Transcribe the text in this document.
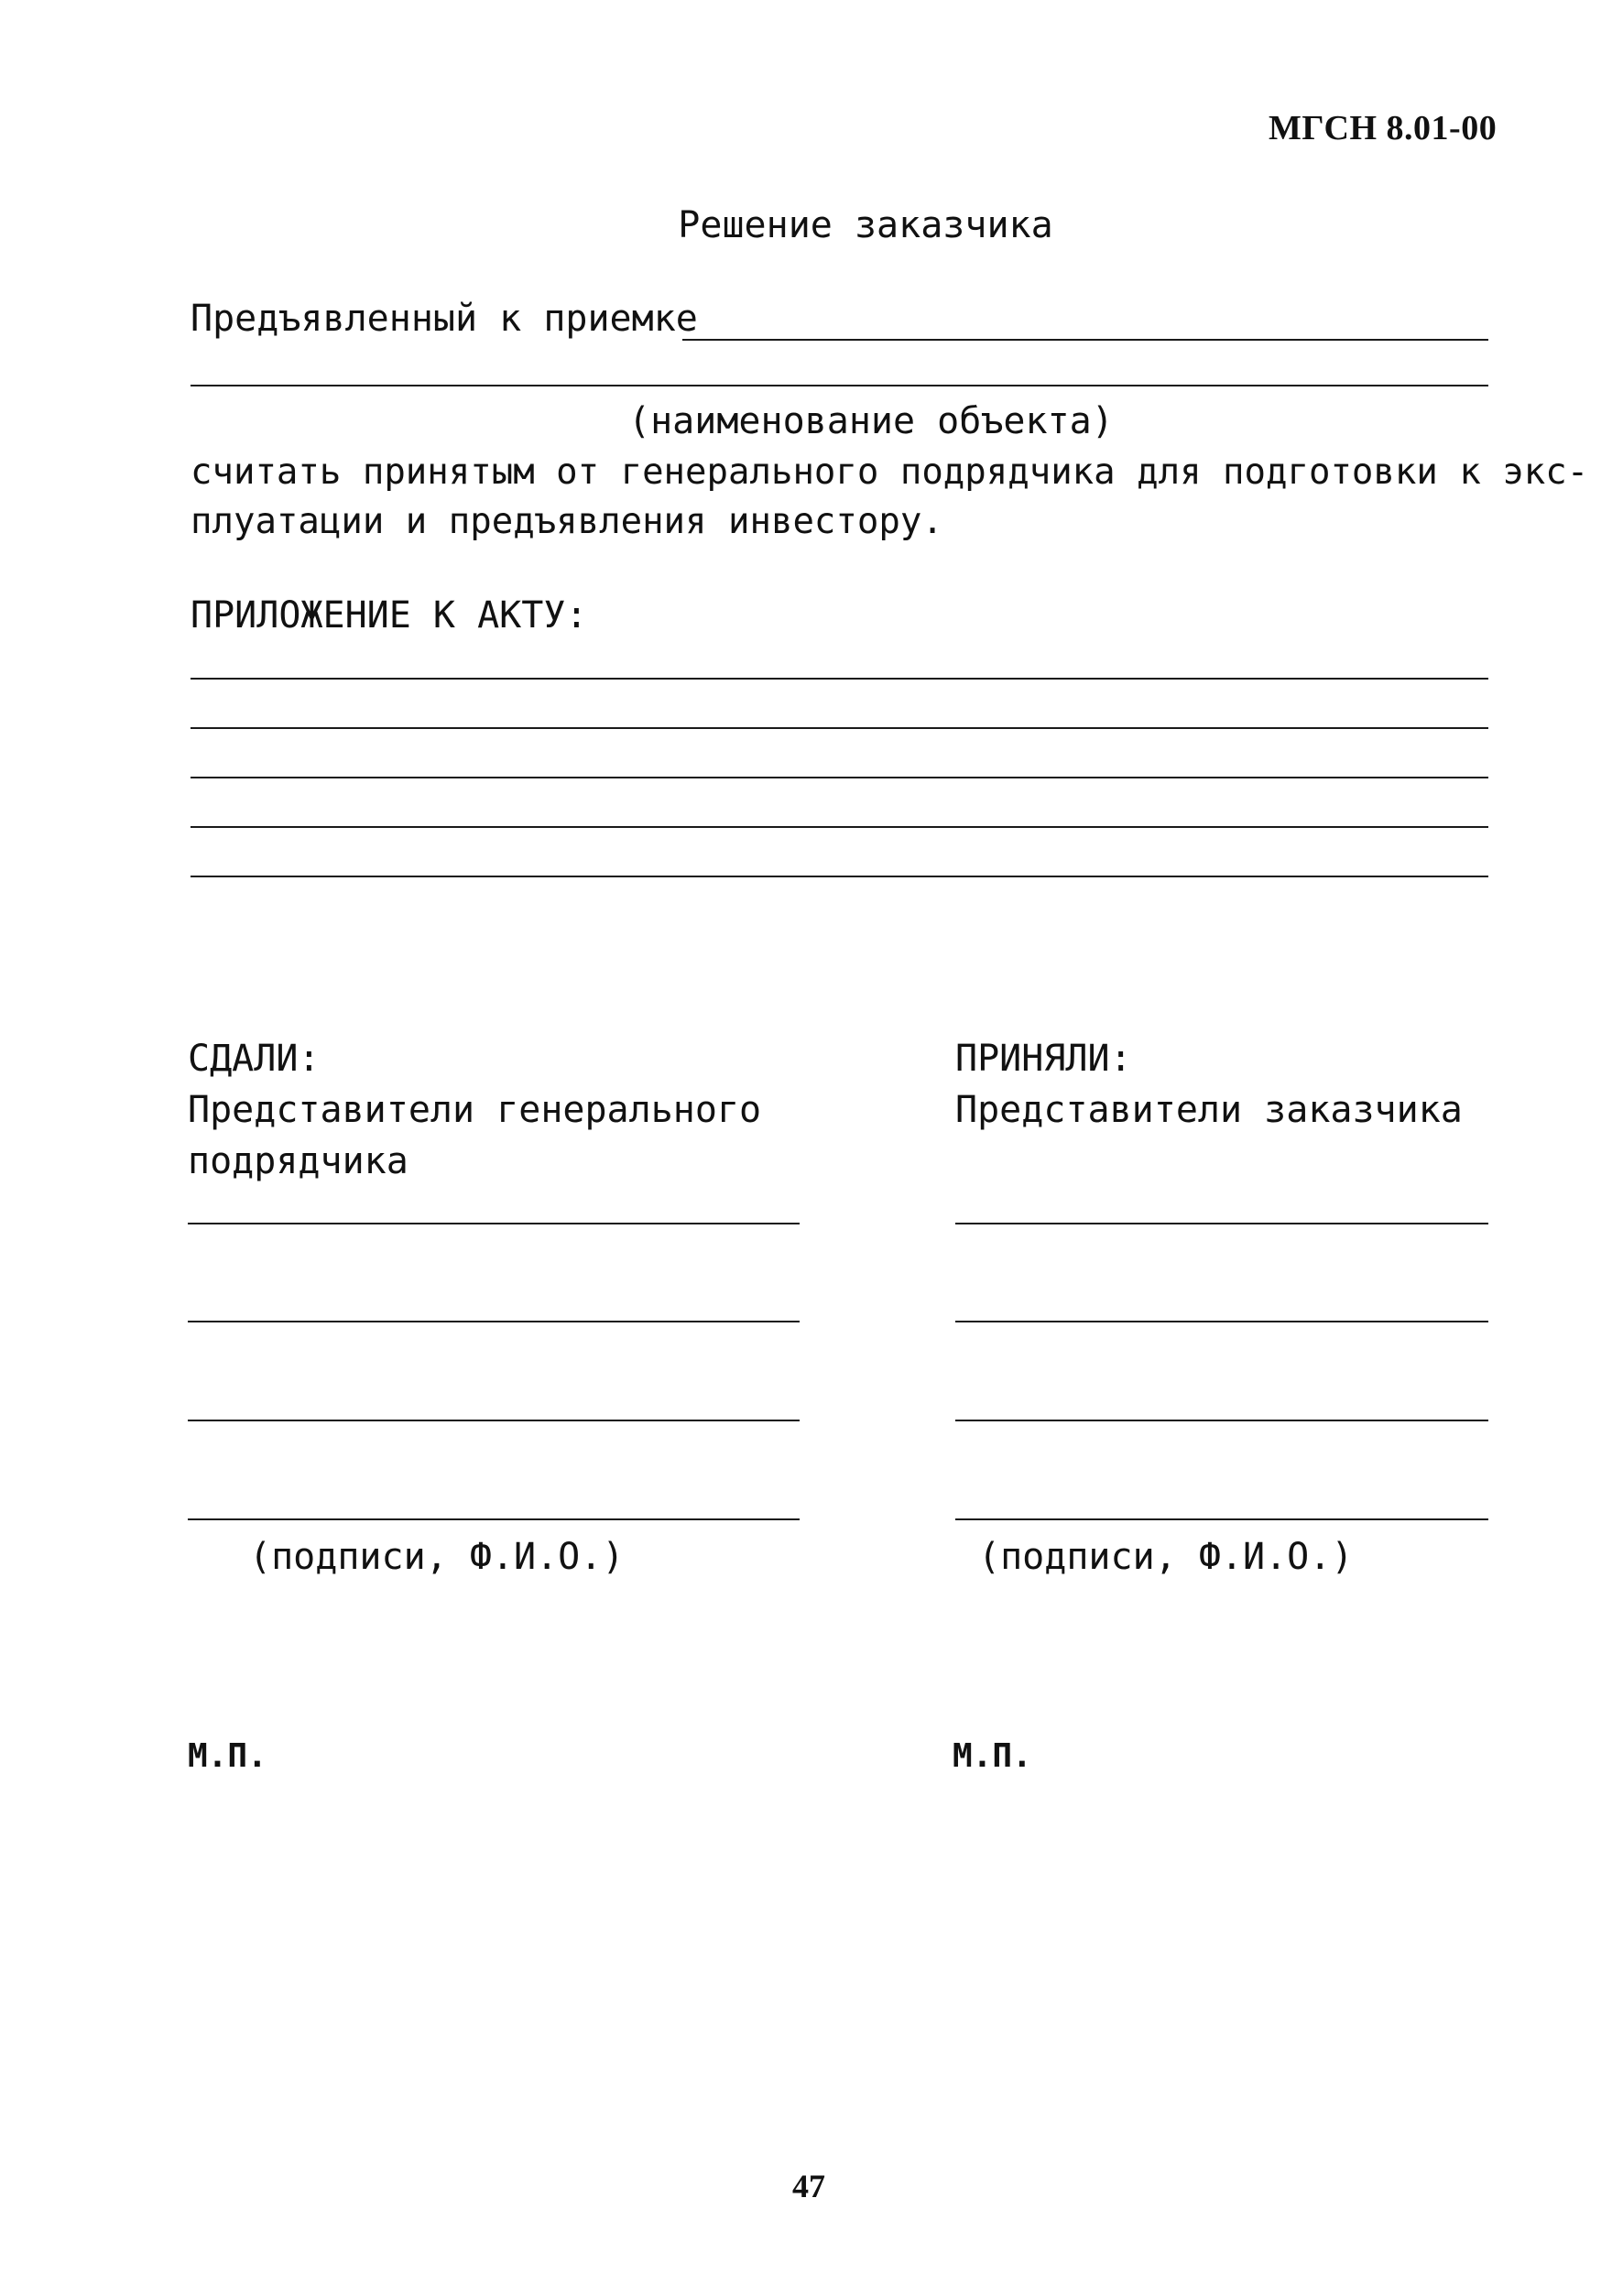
МГСН 8.01-00
Решение заказчика
Предъявленный к приемке
(наименование объекта)
считать принятым от генерального подрядчика для подготовки к экс-
плуатации и предъявления инвестору.
ПРИЛОЖЕНИЕ К АКТУ:
СДАЛИ:
Представители генерального
подрядчика
(подписи, Ф.И.О.)
М.П.
ПРИНЯЛИ:
Представители заказчика
(подписи, Ф.И.О.)
М.П.
47
